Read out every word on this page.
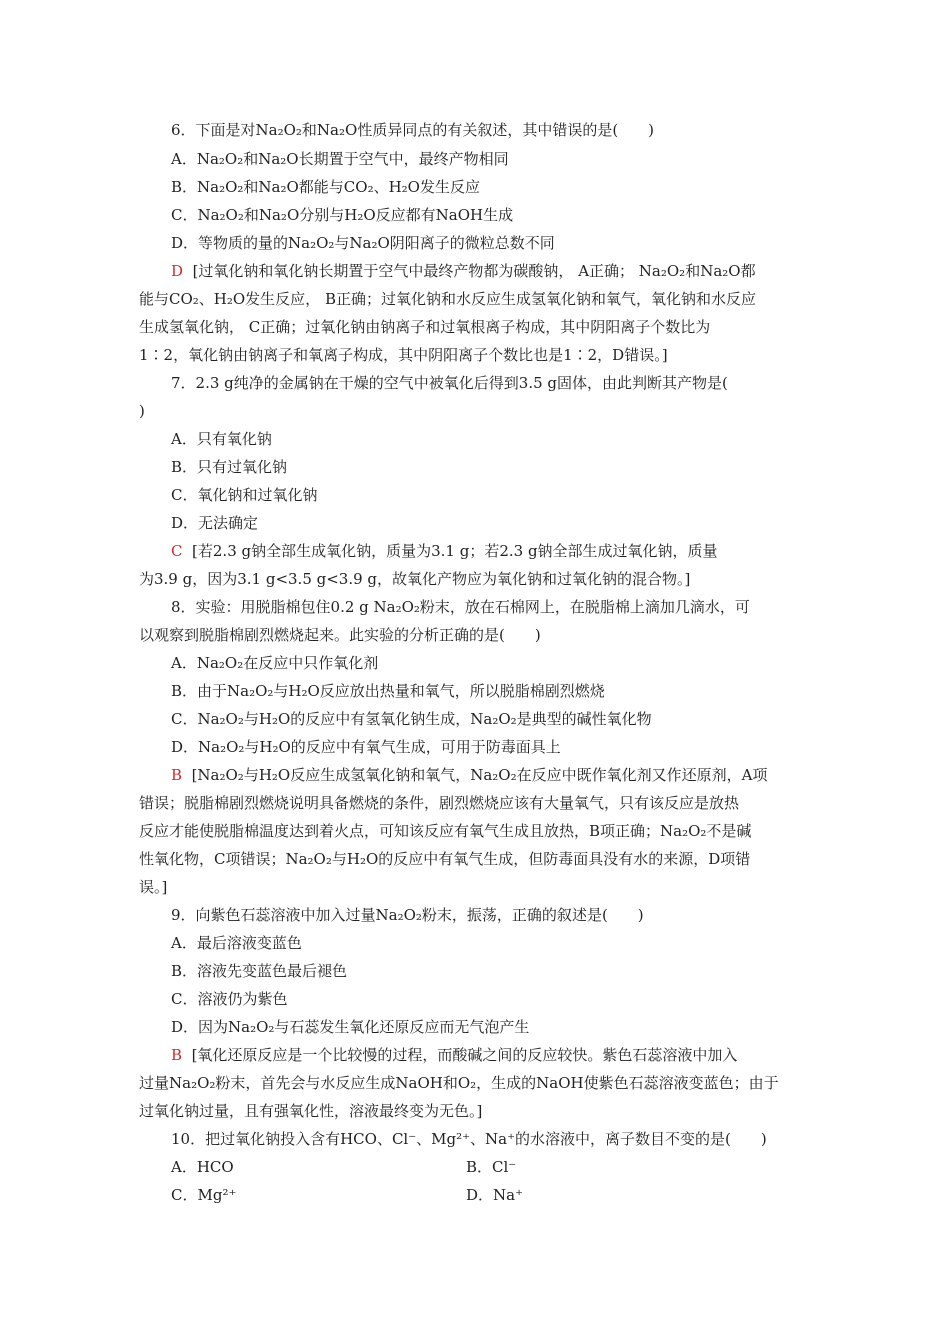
6．下面是对Na₂O₂和Na₂O性质异同点的有关叙述，其中错误的是(　　)
A．Na₂O₂和Na₂O长期置于空气中，最终产物相同
B．Na₂O₂和Na₂O都能与CO₂、H₂O发生反应
C．Na₂O₂和Na₂O分别与H₂O反应都有NaOH生成
D．等物质的量的Na₂O₂与Na₂O阴阳离子的微粒总数不同
D [过氧化钠和氧化钠长期置于空气中最终产物都为碳酸钠， A正确； Na₂O₂和Na₂O都
能与CO₂、H₂O发生反应， B正确；过氧化钠和水反应生成氢氧化钠和氧气，氧化钠和水反应
生成氢氧化钠， C正确；过氧化钠由钠离子和过氧根离子构成，其中阴阳离子个数比为
1∶2，氧化钠由钠离子和氧离子构成，其中阴阳离子个数比也是1∶2，D错误。]
7．2.3 g纯净的金属钠在干燥的空气中被氧化后得到3.5 g固体，由此判断其产物是(
)
A．只有氧化钠
B．只有过氧化钠
C．氧化钠和过氧化钠
D．无法确定
C [若2.3 g钠全部生成氧化钠，质量为3.1 g；若2.3 g钠全部生成过氧化钠，质量
为3.9 g，因为3.1 g<3.5 g<3.9 g，故氧化产物应为氧化钠和过氧化钠的混合物。]
8．实验：用脱脂棉包住0.2 g Na₂O₂粉末，放在石棉网上，在脱脂棉上滴加几滴水，可
以观察到脱脂棉剧烈燃烧起来。此实验的分析正确的是(　　)
A．Na₂O₂在反应中只作氧化剂
B．由于Na₂O₂与H₂O反应放出热量和氧气，所以脱脂棉剧烈燃烧
C．Na₂O₂与H₂O的反应中有氢氧化钠生成，Na₂O₂是典型的碱性氧化物
D．Na₂O₂与H₂O的反应中有氧气生成，可用于防毒面具上
B [Na₂O₂与H₂O反应生成氢氧化钠和氧气，Na₂O₂在反应中既作氧化剂又作还原剂，A项
错误；脱脂棉剧烈燃烧说明具备燃烧的条件，剧烈燃烧应该有大量氧气，只有该反应是放热
反应才能使脱脂棉温度达到着火点，可知该反应有氧气生成且放热，B项正确；Na₂O₂不是碱
性氧化物，C项错误；Na₂O₂与H₂O的反应中有氧气生成，但防毒面具没有水的来源，D项错
误。]
9．向紫色石蕊溶液中加入过量Na₂O₂粉末，振荡，正确的叙述是(　　)
A．最后溶液变蓝色
B．溶液先变蓝色最后褪色
C．溶液仍为紫色
D．因为Na₂O₂与石蕊发生氧化还原反应而无气泡产生
B [氧化还原反应是一个比较慢的过程，而酸碱之间的反应较快。紫色石蕊溶液中加入
过量Na₂O₂粉末，首先会与水反应生成NaOH和O₂，生成的NaOH使紫色石蕊溶液变蓝色；由于
过氧化钠过量，且有强氧化性，溶液最终变为无色。]
10．把过氧化钠投入含有HCO、Cl⁻、Mg²⁺、Na⁺的水溶液中，离子数目不变的是(　　)
A．HCO	B．Cl⁻
C．Mg²⁺	D．Na⁺
